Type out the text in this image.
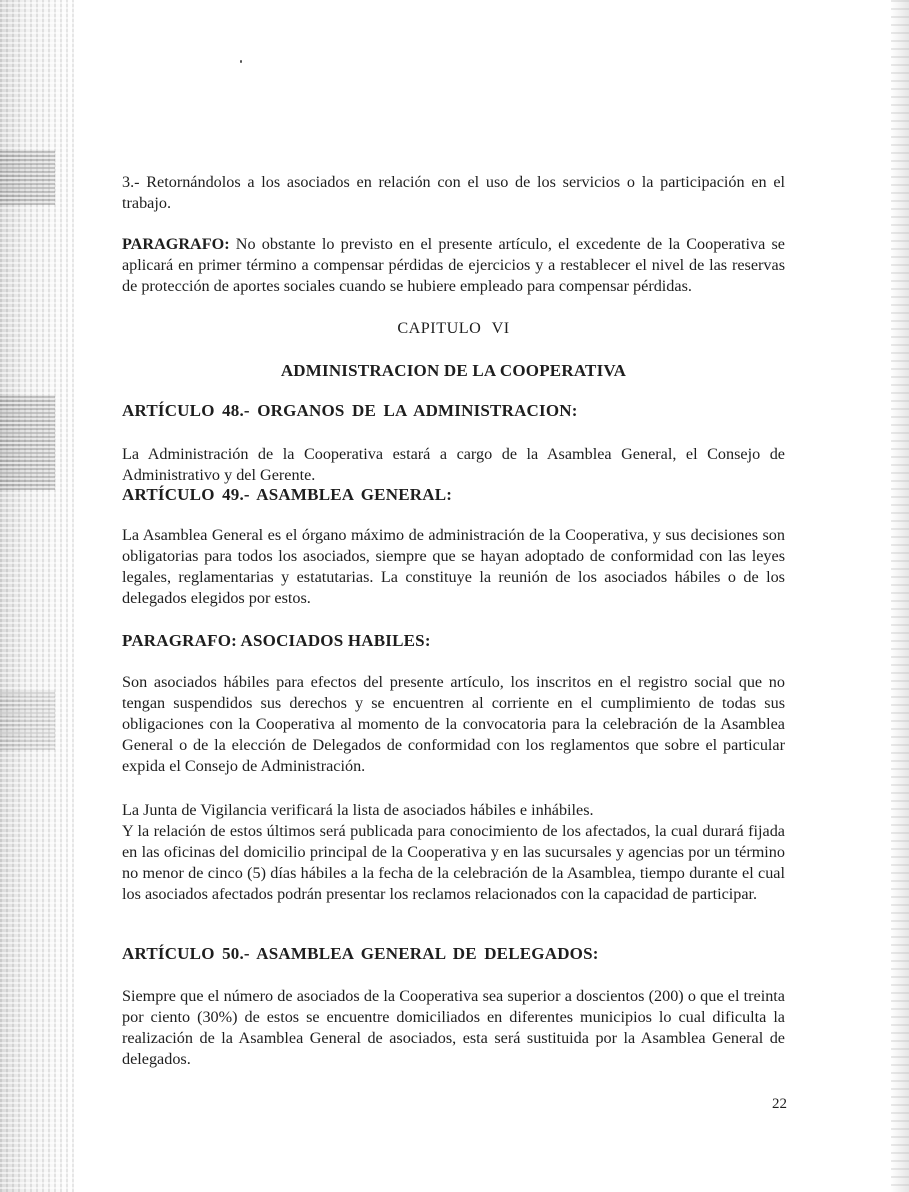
3.- Retornándolos a los asociados en relación con el uso de los servicios o la participación en el trabajo.

PARAGRAFO: No obstante lo previsto en el presente artículo, el excedente de la Cooperativa se aplicará en primer término a compensar pérdidas de ejercicios y a restablecer el nivel de las reservas de protección de aportes sociales cuando se hubiere empleado para compensar pérdidas.

CAPITULO VI

ADMINISTRACION DE LA COOPERATIVA

ARTÍCULO 48.- ORGANOS DE LA ADMINISTRACION:

La Administración de la Cooperativa estará a cargo de la Asamblea General, el Consejo de Administrativo y del Gerente.

ARTÍCULO 49.- ASAMBLEA GENERAL:

La Asamblea General es el órgano máximo de administración de la Cooperativa, y sus decisiones son obligatorias para todos los asociados, siempre que se hayan adoptado de conformidad con las leyes legales, reglamentarias y estatutarias. La constituye la reunión de los asociados hábiles o de los delegados elegidos por estos.

PARAGRAFO: ASOCIADOS HABILES:

Son asociados hábiles para efectos del presente artículo, los inscritos en el registro social que no tengan suspendidos sus derechos y se encuentren al corriente en el cumplimiento de todas sus obligaciones con la Cooperativa al momento de la convocatoria para la celebración de la Asamblea General o de la elección de Delegados de conformidad con los reglamentos que sobre el particular expida el Consejo de Administración.

La Junta de Vigilancia verificará la lista de asociados hábiles e inhábiles.

Y la relación de estos últimos será publicada para conocimiento de los afectados, la cual durará fijada en las oficinas del domicilio principal de la Cooperativa y en las sucursales y agencias por un término no menor de cinco (5) días hábiles a la fecha de la celebración de la Asamblea, tiempo durante el cual los asociados afectados podrán presentar los reclamos relacionados con la capacidad de participar.

ARTÍCULO 50.- ASAMBLEA GENERAL DE DELEGADOS:

Siempre que el número de asociados de la Cooperativa sea superior a doscientos (200) o que el treinta por ciento (30%) de estos se encuentre domiciliados en diferentes municipios lo cual dificulta la realización de la Asamblea General de asociados, esta será sustituida por la Asamblea General de delegados.

22
